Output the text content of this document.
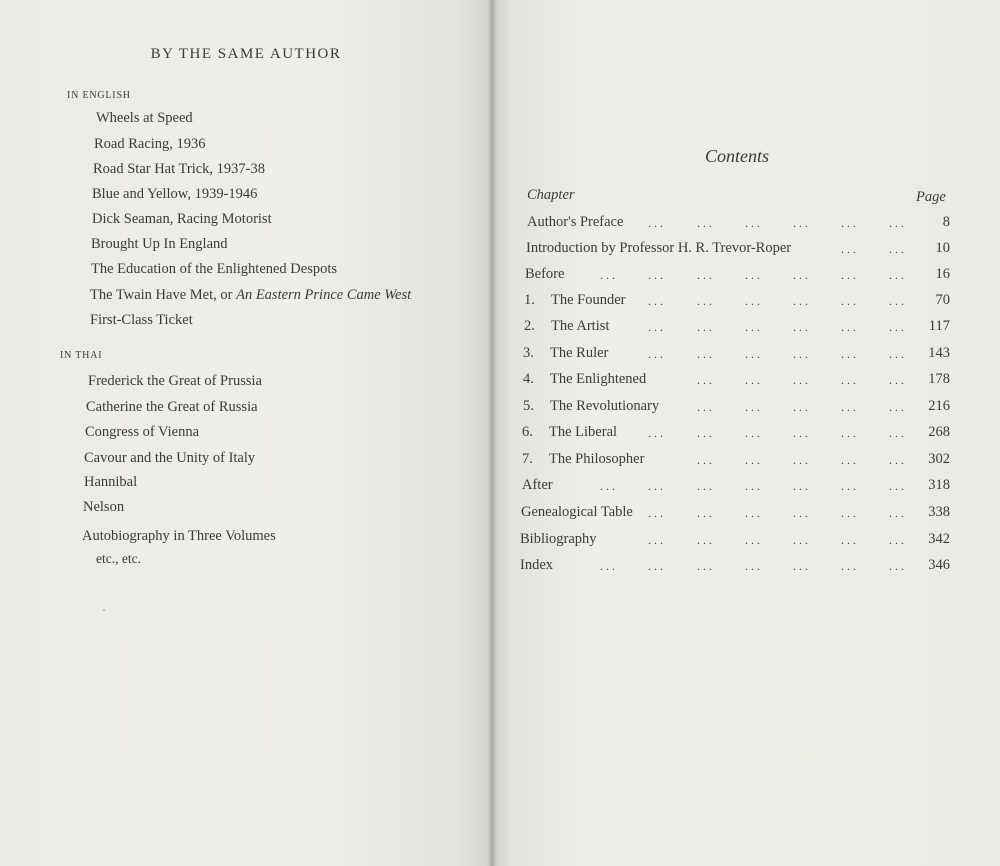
BY THE SAME AUTHOR
IN ENGLISH
Wheels at Speed
Road Racing, 1936
Road Star Hat Trick, 1937-38
Blue and Yellow, 1939-1946
Dick Seaman, Racing Motorist
Brought Up In England
The Education of the Enlightened Despots
The Twain Have Met, or An Eastern Prince Came West
First-Class Ticket
IN THAI
Frederick the Great of Prussia
Catherine the Great of Russia
Congress of Vienna
Cavour and the Unity of Italy
Hannibal
Nelson
Autobiography in Three Volumes
etc., etc.
Contents
Chapter	Page
Author's Preface	8
...	...	...	...	...	...
Introduction by Professor H. R. Trevor-Roper	10
...	...
Before	16
...	...	...	...	...	...	...
1. The Founder	70
...	...	...	...	...	...
2. The Artist	117
...	...	...	...	...	...
3. The Ruler	143
...	...	...	...	...	...
4. The Enlightened	178
...	...	...	...	...
5. The Revolutionary	216
...	...	...	...	...
6. The Liberal	268
...	...	...	...	...	...
7. The Philosopher	302
...	...	...	...	...
After	318
...	...	...	...	...	...	...
Genealogical Table	338
...	...	...	...	...	...
Bibliography	342
...	...	...	...	...	...
Index	346
...	...	...	...	...	...	...
